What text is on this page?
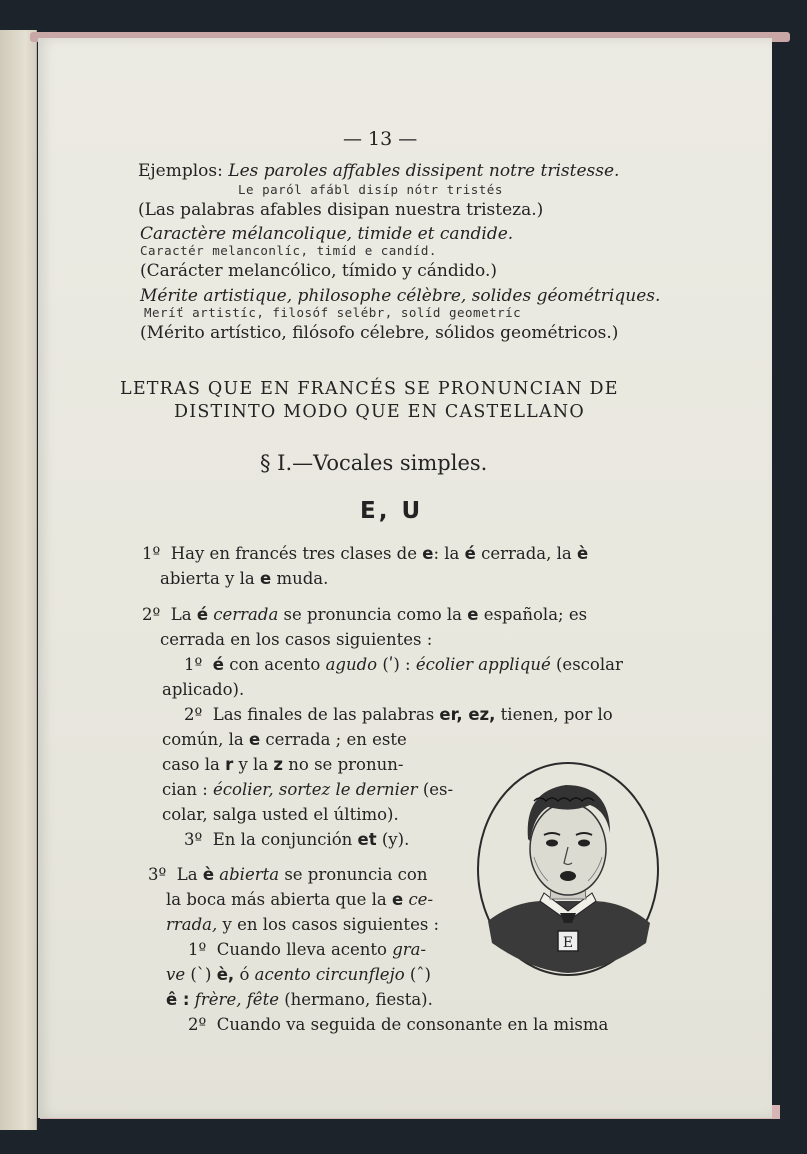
— 13 —
Ejemplos: Les paroles affables dissipent notre tristesse.
Le paról afábl disíp nótr tristés
(Las palabras afables disipan nuestra tristeza.)
Caractère mélancolique, timide et candide.
Caractér melanconlíc, timíd e candíd.
(Carácter melancólico, tímido y cándido.)
Mérite artistique, philosophe célèbre, solides géométriques.
Meríť artistíc, filosóf selébr, solíd geometríc
(Mérito artístico, filósofo célebre, sólidos geométricos.)
LETRAS QUE EN FRANCÉS SE PRONUNCIAN DE
DISTINTO MODO QUE EN CASTELLANO
§ I.—Vocales simples.
E, U
1º Hay en francés tres clases de e: la é cerrada, la è
abierta y la e muda.
2º La é cerrada se pronuncia como la e española; es
cerrada en los casos siguientes :
1º é con acento agudo (ʹ) : écolier appliqué (escolar
aplicado).
2º Las finales de las palabras er, ez, tienen, por lo
común, la e cerrada ; en este
caso la r y la z no se pronun-
cian : écolier, sortez le dernier (es-
colar, salga usted el último).
3º En la conjunción et (y).
3º La è abierta se pronuncia con
la boca más abierta que la e ce-
rrada, y en los casos siguientes :
1º Cuando lleva acento gra-
ve (ˋ) è, ó acento circunflejo (ˆ)
ê : frère, fête (hermano, fiesta).
2º Cuando va seguida de consonante en la misma
E
